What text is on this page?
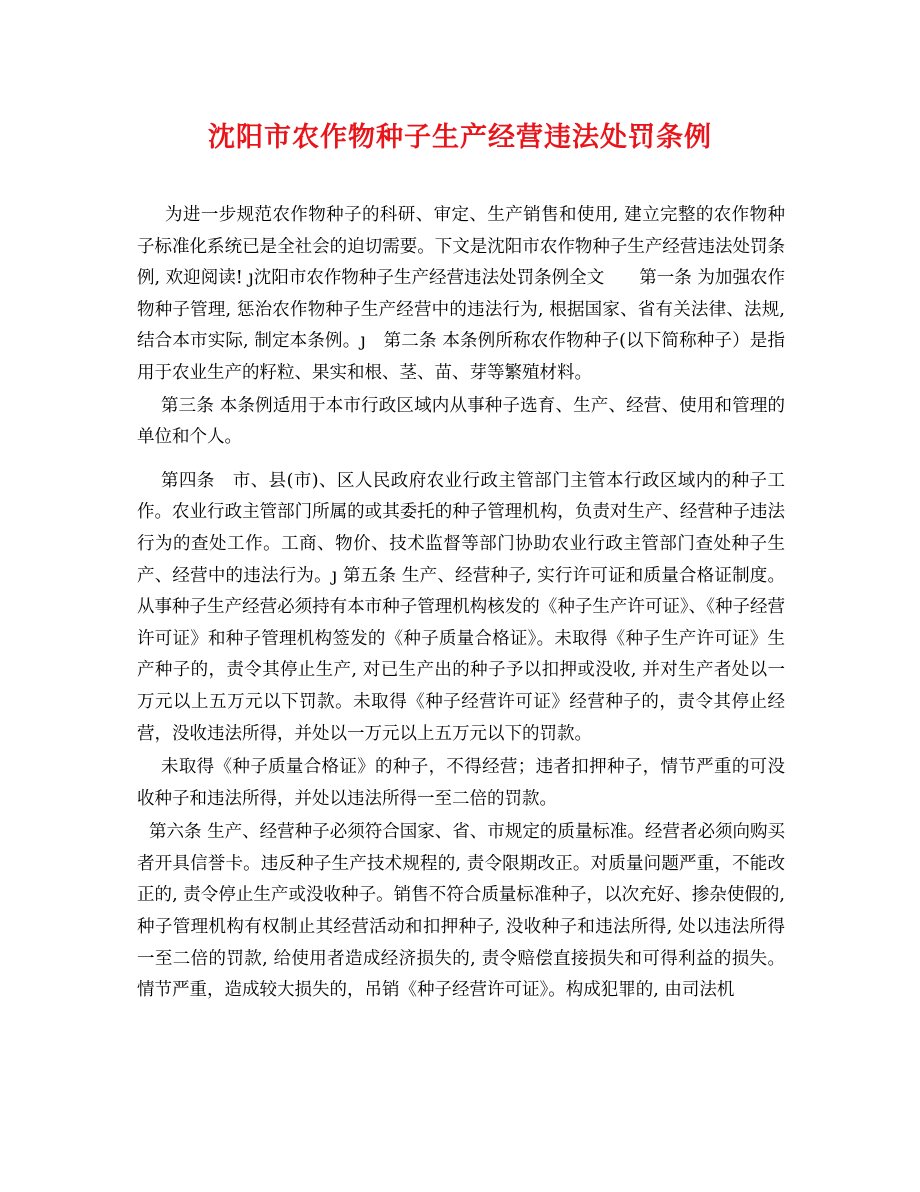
沈阳市农作物种子生产经营违法处罚条例

为进一步规范农作物种子的科研、审定、生产销售和使用, 建立完整的农作物种子标准化系统已是全社会的迫切需要。下文是沈阳市农作物种子生产经营违法处罚条例, 欢迎阅读! ȷ沈阳市农作物种子生产经营违法处罚条例全文　　第一条 为加强农作物种子管理, 惩治农作物种子生产经营中的违法行为, 根据国家、省有关法律、法规, 结合本市实际, 制定本条例。ȷ　第二条 本条例所称农作物种子(以下简称种子）是指用于农业生产的籽粒、果实和根、茎、苗、芽等繁殖材料。

第三条 本条例适用于本市行政区域内从事种子选育、生产、经营、使用和管理的单位和个人。

第四条　市、县(市)、区人民政府农业行政主管部门主管本行政区域内的种子工作。农业行政主管部门所属的或其委托的种子管理机构，负责对生产、经营种子违法行为的查处工作。工商、物价、技术监督等部门协助农业行政主管部门查处种子生产、经营中的违法行为。ȷ 第五条 生产、经营种子, 实行许可证和质量合格证制度。从事种子生产经营必须持有本市种子管理机构核发的《种子生产许可证》、《种子经营许可证》和种子管理机构签发的《种子质量合格证》。未取得《种子生产许可证》生产种子的，责令其停止生产, 对已生产出的种子予以扣押或没收, 并对生产者处以一万元以上五万元以下罚款。未取得《种子经营许可证》经营种子的，责令其停止经营，没收违法所得，并处以一万元以上五万元以下的罚款。

未取得《种子质量合格证》的种子，不得经营；违者扣押种子，情节严重的可没收种子和违法所得，并处以违法所得一至二倍的罚款。

第六条 生产、经营种子必须符合国家、省、市规定的质量标准。经营者必须向购买者开具信誉卡。违反种子生产技术规程的, 责令限期改正。对质量问题严重，不能改正的, 责令停止生产或没收种子。销售不符合质量标准种子，以次充好、掺杂使假的, 种子管理机构有权制止其经营活动和扣押种子, 没收种子和违法所得, 处以违法所得一至二倍的罚款, 给使用者造成经济损失的, 责令赔偿直接损失和可得利益的损失。情节严重，造成较大损失的，吊销《种子经营许可证》。构成犯罪的, 由司法机
